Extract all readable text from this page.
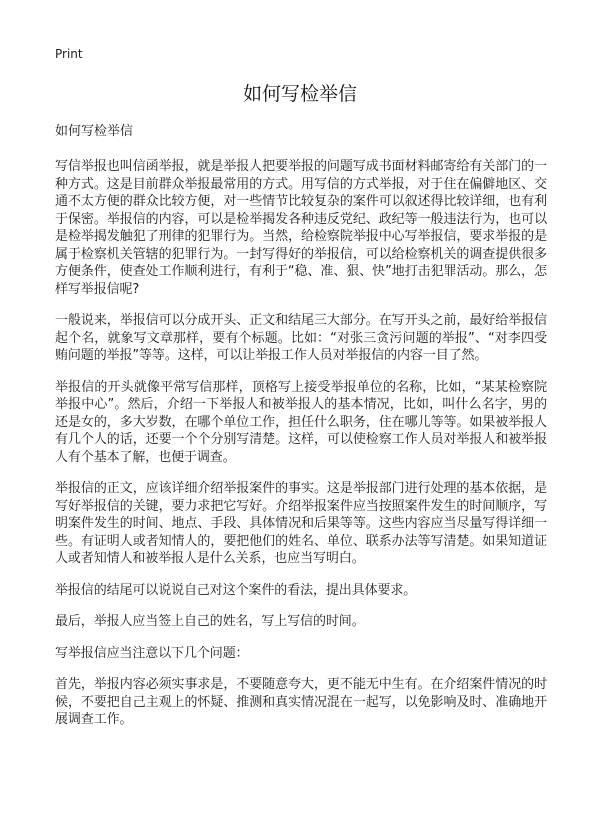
Print
如何写检举信

如何写检举信

写信举报也叫信函举报，就是举报人把要举报的问题写成书面材料邮寄给有关部门的一种方式。这是目前群众举报最常用的方式。用写信的方式举报，对于住在偏僻地区、交通不太方便的群众比较方便，对一些情节比较复杂的案件可以叙述得比较详细，也有利于保密。举报信的内容，可以是检举揭发各种违反党纪、政纪等一般违法行为，也可以是检举揭发触犯了刑律的犯罪行为。当然，给检察院举报中心写举报信，要求举报的是属于检察机关管辖的犯罪行为。一封写得好的举报信，可以给检察机关的调查提供很多方便条件，使查处工作顺利进行，有利于“稳、准、狠、快”地打击犯罪活动。那么，怎样写举报信呢?

一般说来，举报信可以分成开头、正文和结尾三大部分。在写开头之前，最好给举报信起个名，就象写文章那样，要有个标题。比如：“对张三贪污问题的举报”、“对李四受贿问题的举报”等等。这样，可以让举报工作人员对举报信的内容一目了然。

举报信的开头就像平常写信那样，顶格写上接受举报单位的名称，比如，“某某检察院举报中心”。然后，介绍一下举报人和被举报人的基本情况，比如，叫什么名字，男的还是女的，多大岁数，在哪个单位工作，担任什么职务，住在哪儿等等。如果被举报人有几个人的话，还要一个个分别写清楚。这样，可以使检察工作人员对举报人和被举报人有个基本了解，也便于调查。

举报信的正文，应该详细介绍举报案件的事实。这是举报部门进行处理的基本依据，是写好举报信的关键，要力求把它写好。介绍举报案件应当按照案件发生的时间顺序，写明案件发生的时间、地点、手段、具体情况和后果等等。这些内容应当尽量写得详细一些。有证明人或者知情人的，要把他们的姓名、单位、联系办法等写清楚。如果知道证人或者知情人和被举报人是什么关系，也应当写明白。

举报信的结尾可以说说自己对这个案件的看法，提出具体要求。

最后，举报人应当签上自己的姓名，写上写信的时间。

写举报信应当注意以下几个问题：

首先，举报内容必须实事求是，不要随意夸大，更不能无中生有。在介绍案件情况的时候，不要把自己主观上的怀疑、推测和真实情况混在一起写，以免影响及时、准确地开展调查工作。
